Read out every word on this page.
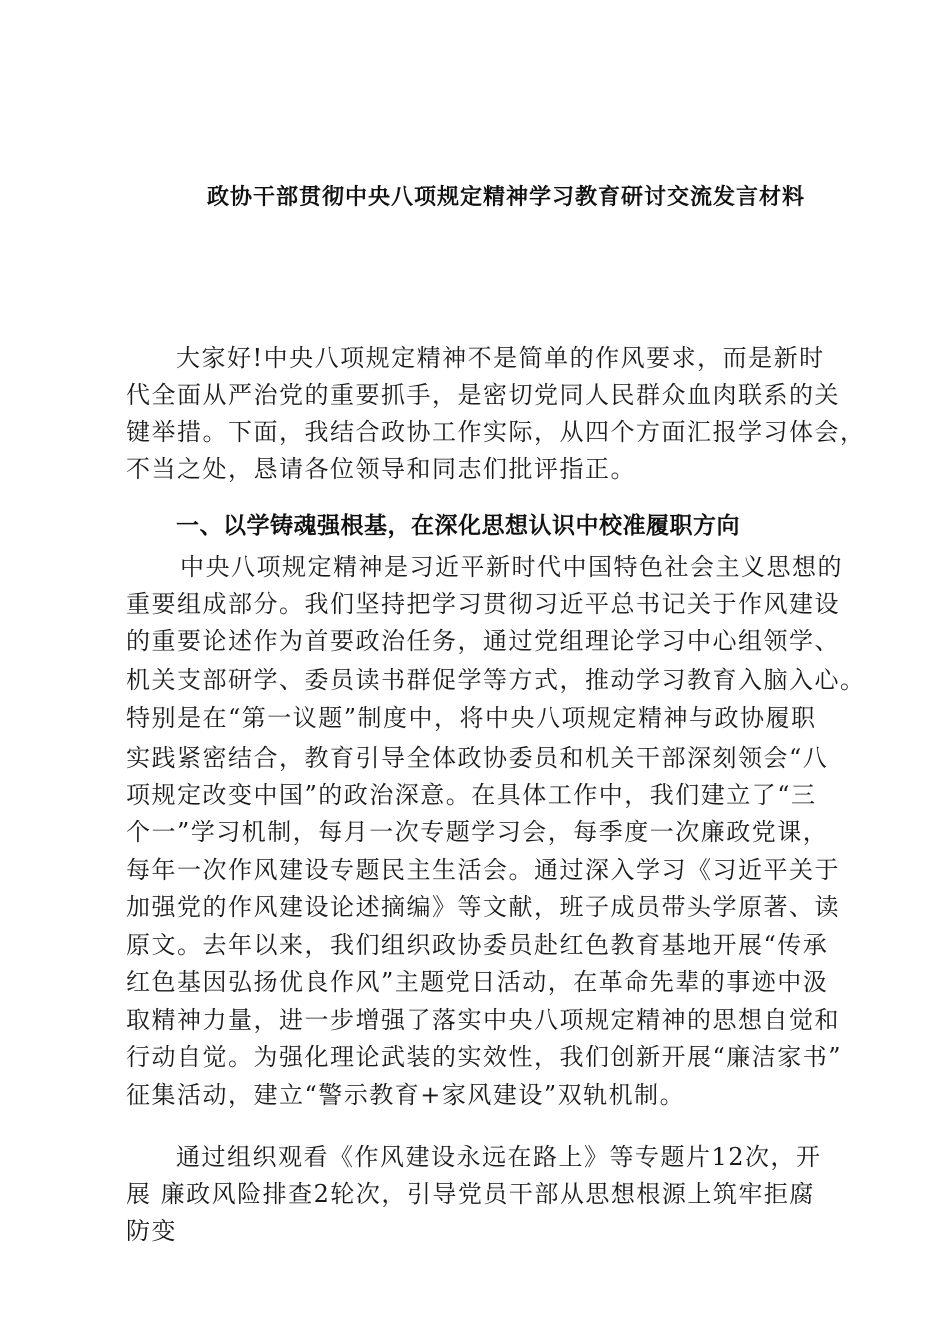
政协干部贯彻中央八项规定精神学习教育研讨交流发言材料
大家好!中央八项规定精神不是简单的作风要求，而是新时
代全面从严治党的重要抓手，是密切党同人民群众血肉联系的关
键举措。下面，我结合政协工作实际，从四个方面汇报学习体会，
不当之处，恳请各位领导和同志们批评指正。
一、以学铸魂强根基，在深化思想认识中校准履职方向
中央八项规定精神是习近平新时代中国特色社会主义思想的
重要组成部分。我们坚持把学习贯彻习近平总书记关于作风建设
的重要论述作为首要政治任务，通过党组理论学习中心组领学、
机关支部研学、委员读书群促学等方式，推动学习教育入脑入心。
特别是在“第一议题”制度中，将中央八项规定精神与政协履职
实践紧密结合，教育引导全体政协委员和机关干部深刻领会“八
项规定改变中国”的政治深意。在具体工作中，我们建立了“三
个一”学习机制，每月一次专题学习会，每季度一次廉政党课，
每年一次作风建设专题民主生活会。通过深入学习《习近平关于
加强党的作风建设论述摘编》等文献，班子成员带头学原著、读
原文。去年以来，我们组织政协委员赴红色教育基地开展“传承
红色基因弘扬优良作风”主题党日活动，在革命先辈的事迹中汲
取精神力量，进一步增强了落实中央八项规定精神的思想自觉和
行动自觉。为强化理论武装的实效性，我们创新开展“廉洁家书”
征集活动，建立“警示教育+家风建设”双轨机制。
通过组织观看《作风建设永远在路上》等专题片12次，开
展 廉政风险排查2轮次，引导党员干部从思想根源上筑牢拒腐
防变
